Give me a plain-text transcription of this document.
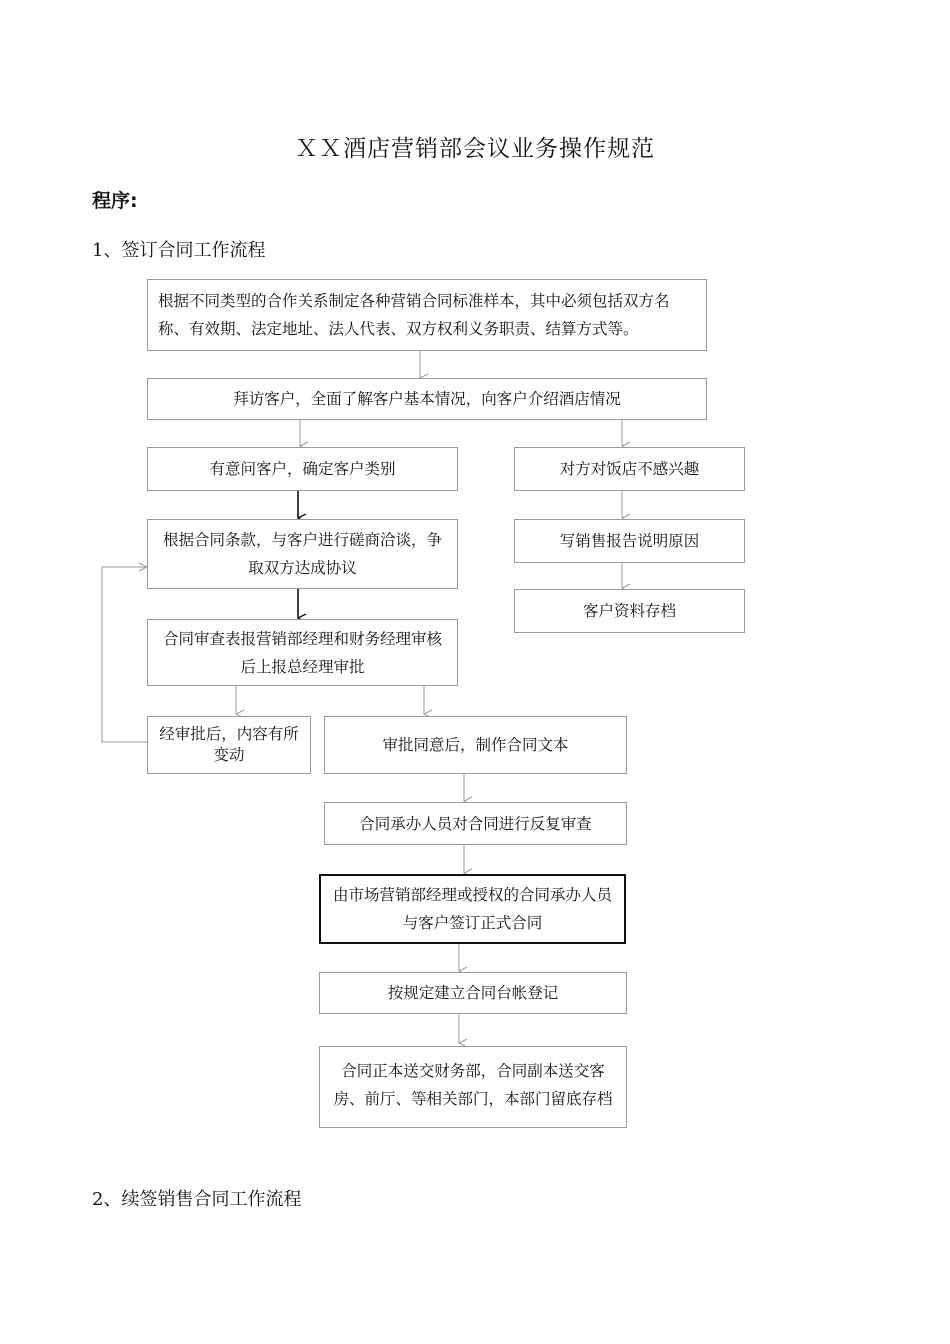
ＸＸ酒店营销部会议业务操作规范
程序:
1、签订合同工作流程
根据不同类型的合作关系制定各种营销合同标准样本，其中必须包括双方名称、有效期、法定地址、法人代表、双方权利义务职责、结算方式等。
拜访客户，全面了解客户基本情况，向客户介绍酒店情况
有意问客户，确定客户类别	对方对饭店不感兴趣
写销售报告说明原因
客户资料存档
根据合同条款，与客户进行磋商洽谈，争取双方达成协议
合同审查表报营销部经理和财务经理审核后上报总经理审批
经审批后，内容有所变动
审批同意后，制作合同文本
合同承办人员对合同进行反复审查
由市场营销部经理或授权的合同承办人员与客户签订正式合同
按规定建立合同台帐登记
合同正本送交财务部，合同副本送交客房、前厅、等相关部门，本部门留底存档
2、续签销售合同工作流程
